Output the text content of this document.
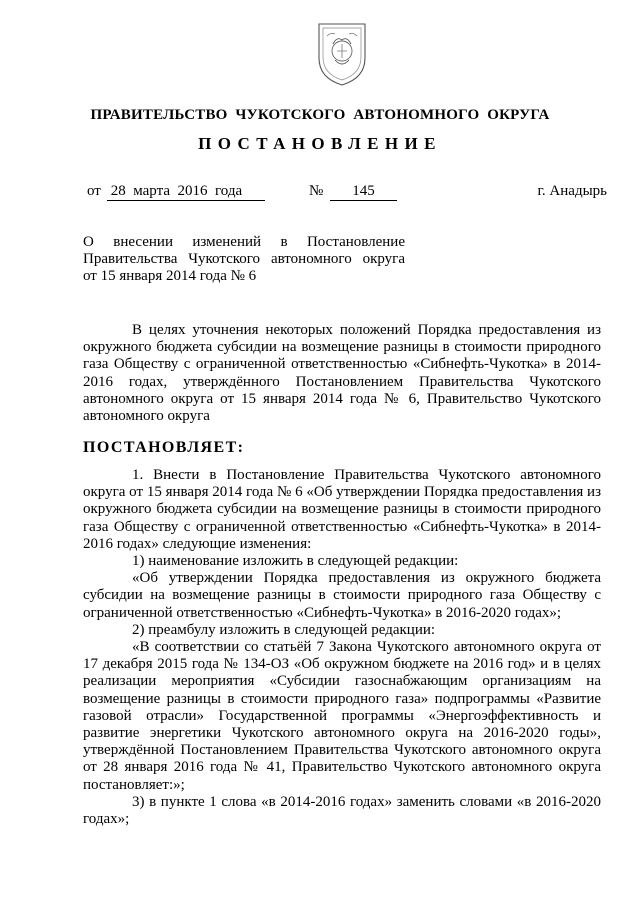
ПРАВИТЕЛЬСТВО  ЧУКОТСКОГО  АВТОНОМНОГО  ОКРУГА
ПОСТАНОВЛЕНИЕ
от 28  марта  2016  года	№	145	г. Анадырь
О внесении изменений в Постановление
Правительства Чукотского автономного округа
от 15 января 2014 года № 6

В целях уточнения некоторых положений Порядка предоставления из окружного бюджета субсидии на возмещение разницы в стоимости природного газа Обществу с ограниченной ответственностью «Сибнефть-Чукотка» в 2014-2016 годах, утверждённого Постановлением Правительства Чукотского автономного округа от 15 января 2014 года № 6, Правительство Чукотского автономного округа

ПОСТАНОВЛЯЕТ:

1. Внести в Постановление Правительства Чукотского автономного округа от 15 января 2014 года № 6 «Об утверждении Порядка предоставления из окружного бюджета субсидии на возмещение разницы в стоимости природного газа Обществу с ограниченной ответственностью «Сибнефть-Чукотка» в 2014-2016 годах» следующие изменения:

1) наименование изложить в следующей редакции:

«Об утверждении Порядка предоставления из окружного бюджета субсидии на возмещение разницы в стоимости природного газа Обществу с ограниченной ответственностью «Сибнефть-Чукотка» в 2016-2020 годах»;

2) преамбулу изложить в следующей редакции:

«В соответствии со статьёй 7 Закона Чукотского автономного округа от 17 декабря 2015 года № 134-ОЗ «Об окружном бюджете на 2016 год» и в целях реализации мероприятия «Субсидии газоснабжающим организациям на возмещение разницы в стоимости природного газа» подпрограммы «Развитие газовой отрасли» Государственной программы «Энергоэффективность и развитие энергетики Чукотского автономного округа на 2016-2020 годы», утверждённой Постановлением Правительства Чукотского автономного округа от 28 января 2016 года № 41, Правительство Чукотского автономного округа постановляет:»;

3) в пункте 1 слова «в 2014-2016 годах» заменить словами «в 2016-2020 годах»;
